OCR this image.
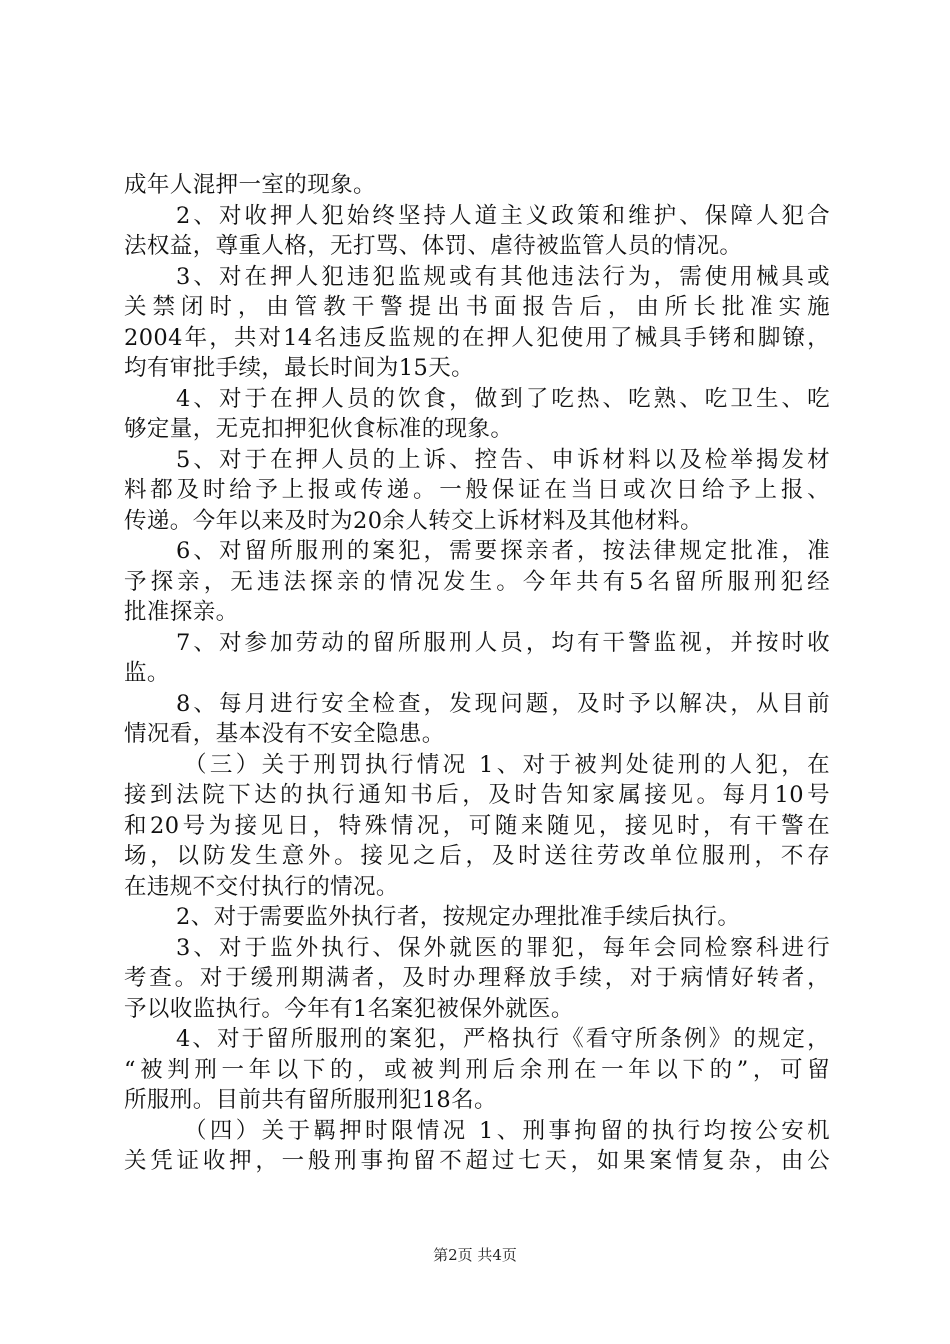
成年人混押一室的现象。
2、对收押人犯始终坚持人道主义政策和维护、保障人犯合
法权益，尊重人格，无打骂、体罚、虐待被监管人员的情况。
3、对在押人犯违犯监规或有其他违法行为，需使用械具或
关禁闭时，由管教干警提出书面报告后，由所长批准实施
2004年，共对14名违反监规的在押人犯使用了械具手铐和脚镣，
均有审批手续，最长时间为15天。
4、对于在押人员的饮食，做到了吃热、吃熟、吃卫生、吃
够定量，无克扣押犯伙食标准的现象。
5、对于在押人员的上诉、控告、申诉材料以及检举揭发材
料都及时给予上报或传递。一般保证在当日或次日给予上报、
传递。今年以来及时为20余人转交上诉材料及其他材料。
6、对留所服刑的案犯，需要探亲者，按法律规定批准，准
予探亲，无违法探亲的情况发生。今年共有5名留所服刑犯经
批准探亲。
7、对参加劳动的留所服刑人员，均有干警监视，并按时收
监。
8、每月进行安全检查，发现问题，及时予以解决，从目前
情况看，基本没有不安全隐患。
（三）关于刑罚执行情况 1、对于被判处徒刑的人犯，在
接到法院下达的执行通知书后，及时告知家属接见。每月10号
和20号为接见日，特殊情况，可随来随见，接见时，有干警在
场，以防发生意外。接见之后，及时送往劳改单位服刑，不存
在违规不交付执行的情况。
2、对于需要监外执行者，按规定办理批准手续后执行。
3、对于监外执行、保外就医的罪犯，每年会同检察科进行
考查。对于缓刑期满者，及时办理释放手续，对于病情好转者，
予以收监执行。今年有1名案犯被保外就医。
4、对于留所服刑的案犯，严格执行《看守所条例》的规定，
“被判刑一年以下的，或被判刑后余刑在一年以下的”，可留
所服刑。目前共有留所服刑犯18名。
（四）关于羁押时限情况 1、刑事拘留的执行均按公安机
关凭证收押，一般刑事拘留不超过七天，如果案情复杂，由公
第2页 共4页
